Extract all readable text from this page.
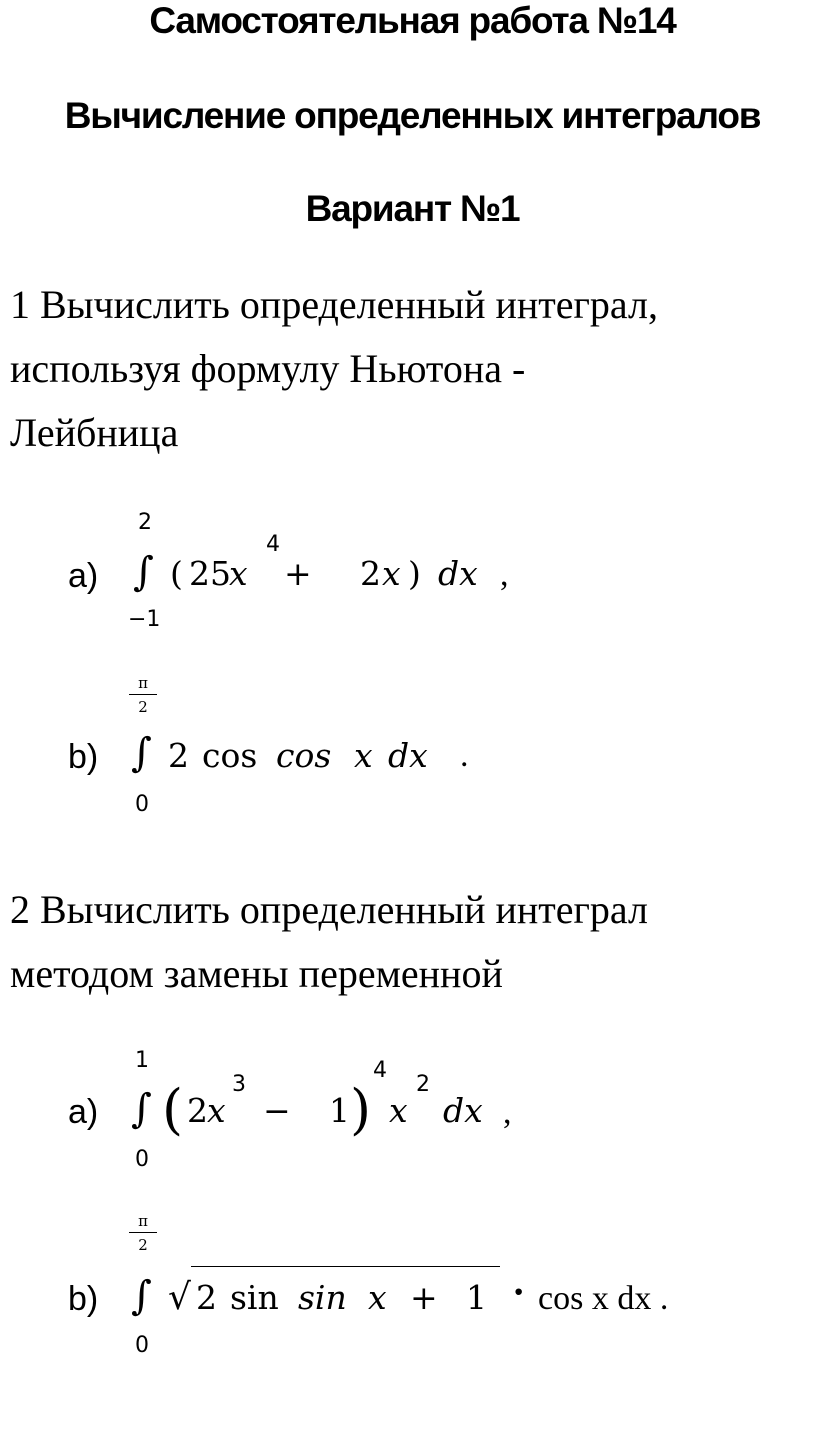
Самостоятельная работа №14
Вычисление определенных интегралов
Вариант №1
1 Вычислить определенный интеграл,
используя формулу Ньютона -
Лейбница
a)
2
∫
−1
( 25
x
4
+ 2 x ) dx ,
b)
π
2
∫
0
2 cos cos x dx .
2 Вычислить определенный интеграл
методом замены переменной
a)
1
∫
0
( 2 x
3
− 1 )
4
x
2
dx ,
b)
π
2
∫
0
√ 2 sin sin x + 1 · cos x dx .
